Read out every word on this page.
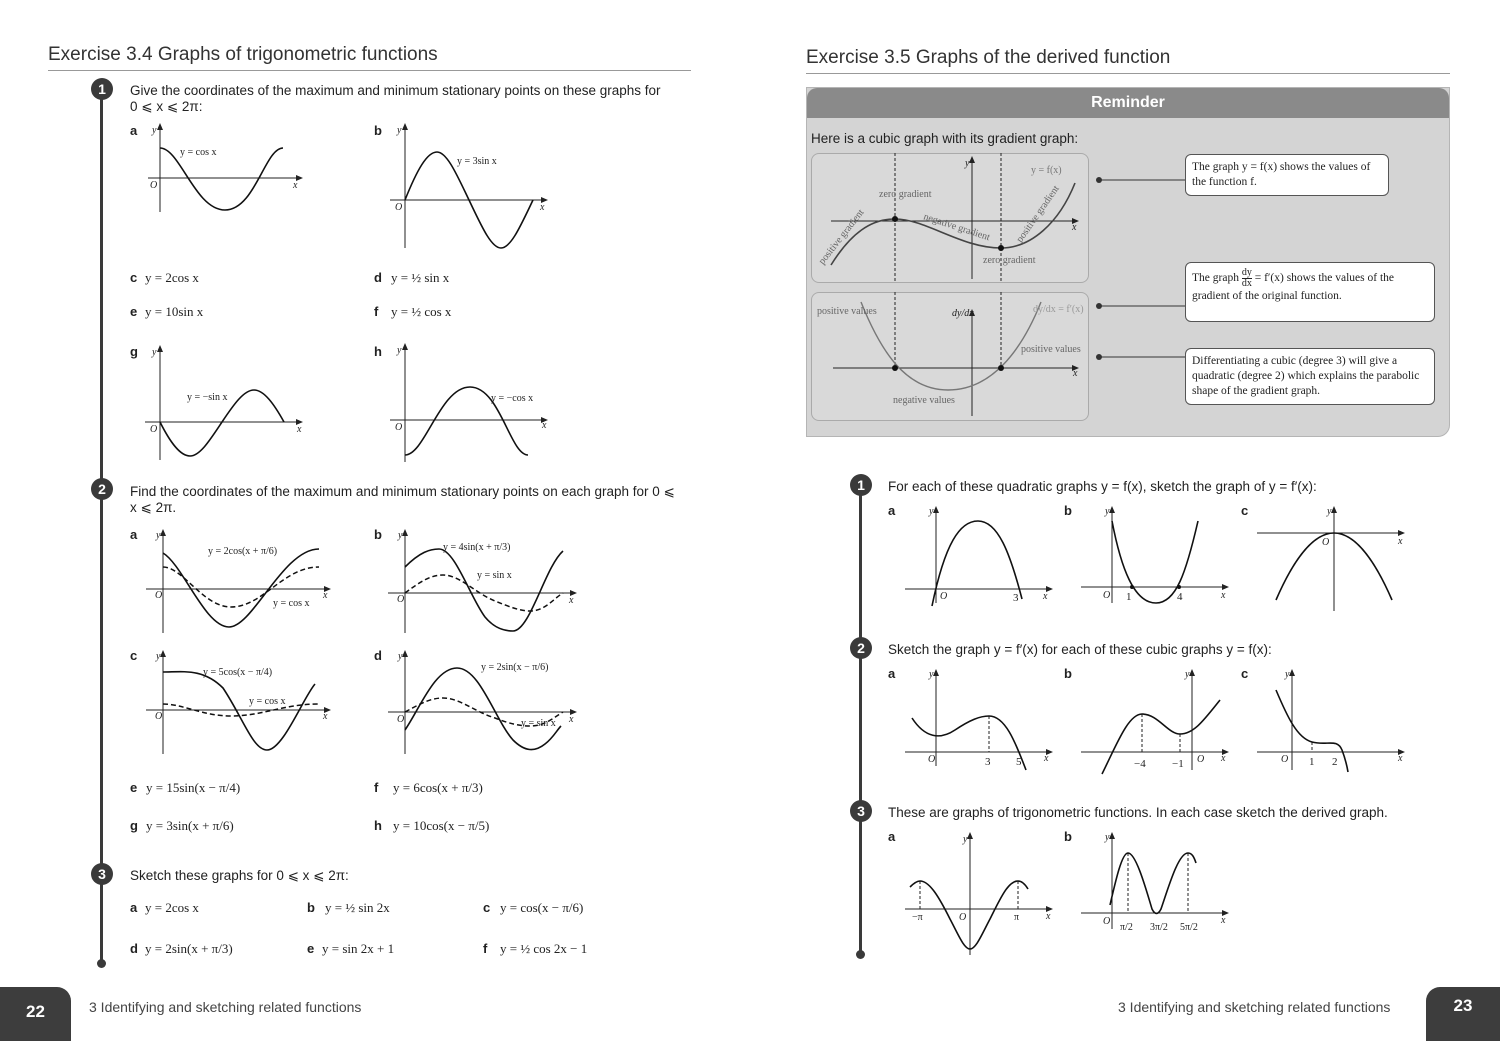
Exercise 3.4 Graphs of trigonometric functions
1
2
3
Give the coordinates of the maximum and minimum stationary points on these graphs for 0 ⩽ x ⩽ 2π:
a y
x
O
y = cos x
b y
x
O
y = 3sin x
c y = 2cos x	d y = ½ sin x
e y = 10sin x	f y = ½ cos x
g y
x
O
y = −sin x
h y
x
O
y = −cos x
Find the coordinates of the maximum and minimum stationary points on each graph for 0 ⩽ x ⩽ 2π.
a y
x
O
y = 2cos(x + π/6)
y = cos x
b y
x
O
y = 4sin(x + π/3)
y = sin x
c y
x
O
y = 5cos(x − π/4)
y = cos x
d y
x
O
y = 2sin(x − π/6)
y = sin x
e y = 15sin(x − π/4)	f y = 6cos(x + π/3)
g y = 3sin(x + π/6)	h y = 10cos(x − π/5)
Sketch these graphs for 0 ⩽ x ⩽ 2π:
a y = 2cos x	b y = ½ sin 2x	c y = cos(x − π/6)
d y = 2sin(x + π/3)	e y = sin 2x + 1	f y = ½ cos 2x − 1
22	3 Identifying and sketching related functions
Exercise 3.5 Graphs of the derived function
Reminder
Here is a cubic graph with its gradient graph:
y
x
y = f(x)
zero gradient
zero gradient
positive gradient	negative gradient positive gradient
x
dy/dx	dy/dx = f′(x)
positive values
positive values
negative values
The graph y = f(x) shows the values of the function f.
The graph $\frac{dy}{dx} = f'(x)$ shows the values of the gradient of the original function.
Differentiating a cubic (degree 3) will give a quadratic (degree 2) which explains the parabolic shape of the gradient graph.
1
2
3
For each of these quadratic graphs y = f(x), sketch the graph of y = f′(x):
a	y
x
O	3
b	y
x
O 1	4
c	y
x
O
Sketch the graph y = f′(x) for each of these cubic graphs y = f(x):
a	y
x
O	3 5
b	y
x
O
−4 −1
c	y
x
O 1 2
These are graphs of trigonometric functions. In each case sketch the derived graph.
a	y
x
O
−π	π
b	y
x
O
π/2 3π/2 5π/2
3 Identifying and sketching related functions	23
